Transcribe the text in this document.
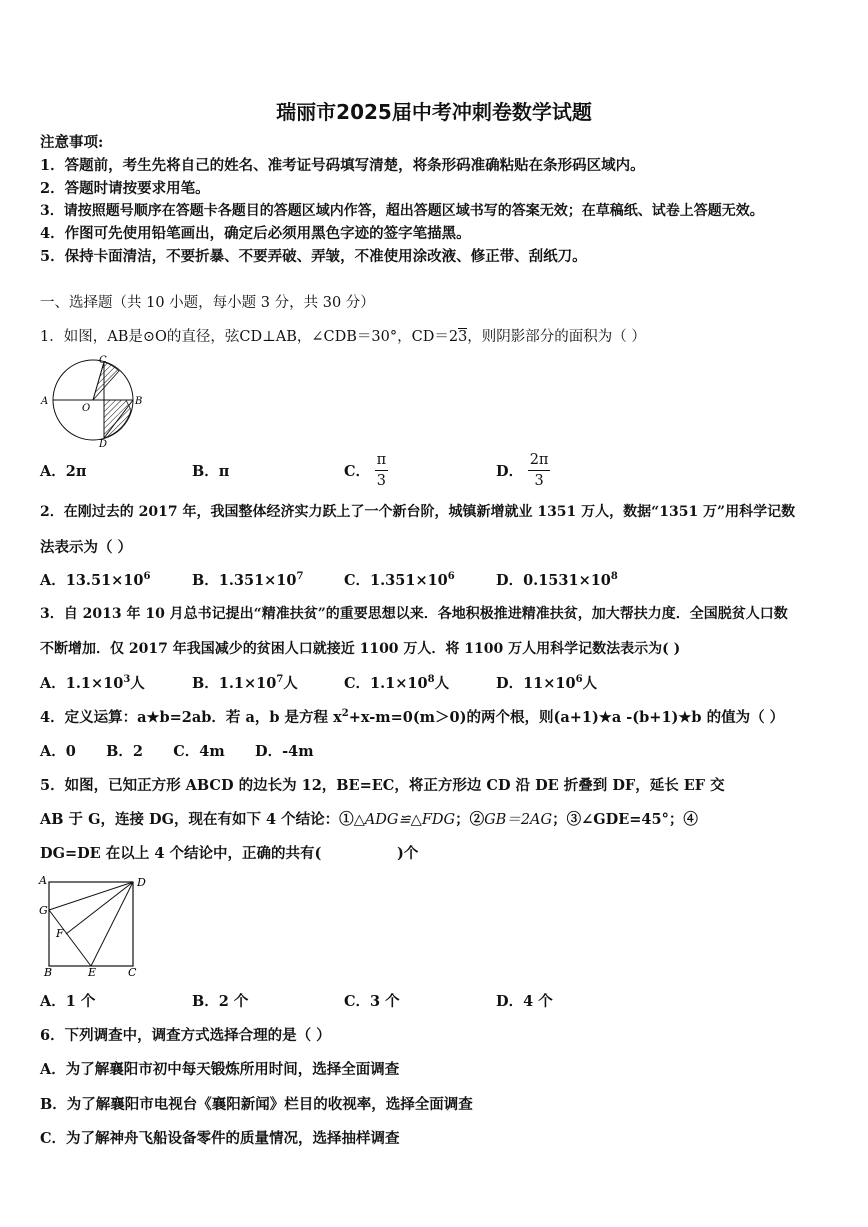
瑞丽市2025届中考冲刺卷数学试题
注意事项:
1．答题前，考生先将自己的姓名、准考证号码填写清楚，将条形码准确粘贴在条形码区域内。
2．答题时请按要求用笔。
3．请按照题号顺序在答题卡各题目的答题区域内作答，超出答题区域书写的答案无效；在草稿纸、试卷上答题无效。
4．作图可先使用铅笔画出，确定后必须用黑色字迹的签字笔描黑。
5．保持卡面清洁，不要折暴、不要弄破、弄皱，不准使用涂改液、修正带、刮纸刀。
一、选择题（共 10 小题，每小题 3 分，共 30 分）
1．如图，AB是⊙O的直径，弦CD⊥AB，∠CDB＝30°，CD＝23，则阴影部分的面积为（ ）
A	B
C
D
O
A．2π	B．π	C． $\frac{\pi}{3}$	D． $\frac{2\pi}{3}$
2．在刚过去的 2017 年，我国整体经济实力跃上了一个新台阶，城镇新增就业 1351 万人，数据“1351 万”用科学记数
法表示为（ ）
A．$13.51\times 10^6$	B．$1.351\times 10^7$	C．$1.351\times 10^6$	D．$0.1531\times 10^8$
3．自 2013 年 10 月总书记提出“精准扶贫”的重要思想以来．各地积极推进精准扶贫，加大帮扶力度．全国脱贫人口数
不断增加．仅 2017 年我国减少的贫困人口就接近 1100 万人．将 1100 万人用科学记数法表示为( )
A．$1.1\times 10^3$人	B．$1.1\times 10^7$人	C．$1.1\times 10^8$人	D．$11\times 10^6$人
4．定义运算：a★b=2ab．若 a，b 是方程 $x^2+x-m=0(m>0)$的两个根，则(a+1)★a -(b+1)★b 的值为（ ）
A．0      B．2      C．4m      D．-4m
5．如图，已知正方形 ABCD 的边长为 12，BE=EC，将正方形边 CD 沿 DE 折叠到 DF，延长 EF 交
AB 于 G，连接 DG，现在有如下 4 个结论：①△ADG≌△FDG；②GB＝2AG；③∠GDE=45°；④
DG=DE 在以上 4 个结论中，正确的共有(               )个
A	D
G
F
B	E	C
A．1 个	B．2 个	C．3 个	D．4 个
6．下列调查中，调查方式选择合理的是（ ）
A．为了解襄阳市初中每天锻炼所用时间，选择全面调查
B．为了解襄阳市电视台《襄阳新闻》栏目的收视率，选择全面调查
C．为了解神舟飞船设备零件的质量情况，选择抽样调查
